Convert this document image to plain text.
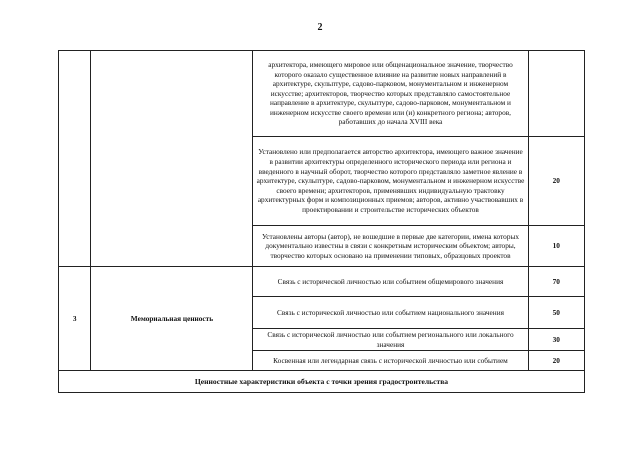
2
		архитектора, имеющего мировое или общенациональное значение, творчество которого оказало существенное влияние на развитие новых направлений в архитектуре, скульптуре, садово-парковом, монументальном и инженерном искусстве; архитекторов, творчество которых представляло самостоятельное направление в архитектуре, скульптуре, садово-парковом, монументальном и инженерном искусстве своего времени или (и) конкретного региона; авторов, работавших до начала XVIII века	
		Установлено или предполагается авторство архитектора, имеющего важное значение в развитии архитектуры определенного исторического периода или региона и введенного в научный оборот, творчество которого представляло заметное явление в архитектуре, скульптуре, садово-парковом, монументальном и инженерном искусстве своего времени; архитекторов, применявших индивидуальную трактовку архитектурных форм и композиционных приемов; авторов, активно участвовавших в проектировании и строительстве исторических объектов	20
		Установлены авторы (автор), не вошедшие в первые две категории, имена которых документально известны в связи с конкретным историческим объектом; авторы, творчество которых основано на применении типовых, образцовых проектов	10
3	Мемориальная ценность	Связь с исторической личностью или событием общемирового значения	70
		Связь с исторической личностью или событием национального значения	50
		Связь с исторической личностью или событием регионального или локального значения	30
		Косвенная или легендарная связь с исторической личностью или событием	20
Ценностные характеристики объекта с точки зрения градостроительства			
